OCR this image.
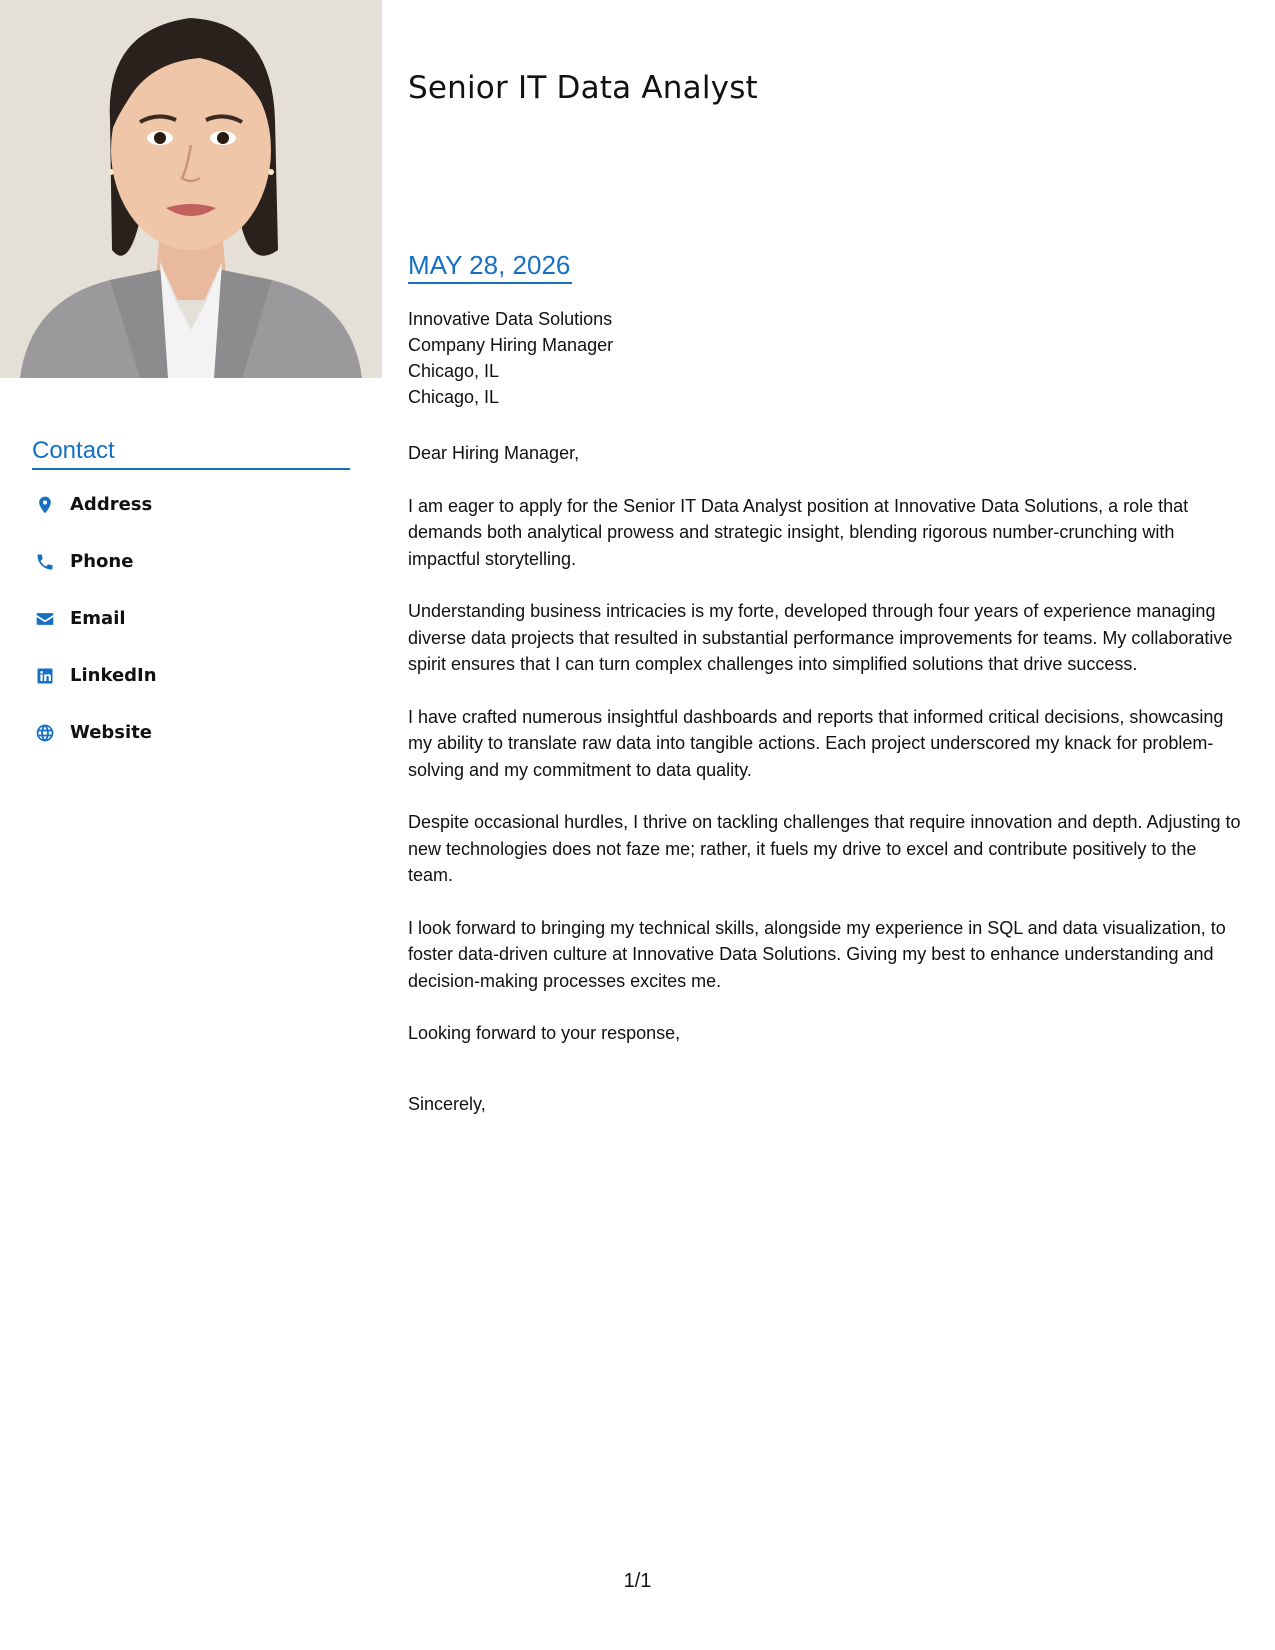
Contact
Address
Phone
Email
LinkedIn
Website
Senior IT Data Analyst
MAY 28, 2026
Innovative Data Solutions
Company Hiring Manager
Chicago, IL
Chicago, IL

Dear Hiring Manager,

I am eager to apply for the Senior IT Data Analyst position at Innovative Data Solutions, a role that demands both analytical prowess and strategic insight, blending rigorous number-crunching with impactful storytelling.

Understanding business intricacies is my forte, developed through four years of experience managing diverse data projects that resulted in substantial performance improvements for teams. My collaborative spirit ensures that I can turn complex challenges into simplified solutions that drive success.

I have crafted numerous insightful dashboards and reports that informed critical decisions, showcasing my ability to translate raw data into tangible actions. Each project underscored my knack for problem-solving and my commitment to data quality.

Despite occasional hurdles, I thrive on tackling challenges that require innovation and depth. Adjusting to new technologies does not faze me; rather, it fuels my drive to excel and contribute positively to the team.

I look forward to bringing my technical skills, alongside my experience in SQL and data visualization, to foster data-driven culture at Innovative Data Solutions. Giving my best to enhance understanding and decision-making processes excites me.

Looking forward to your response,

Sincerely,

1/1
